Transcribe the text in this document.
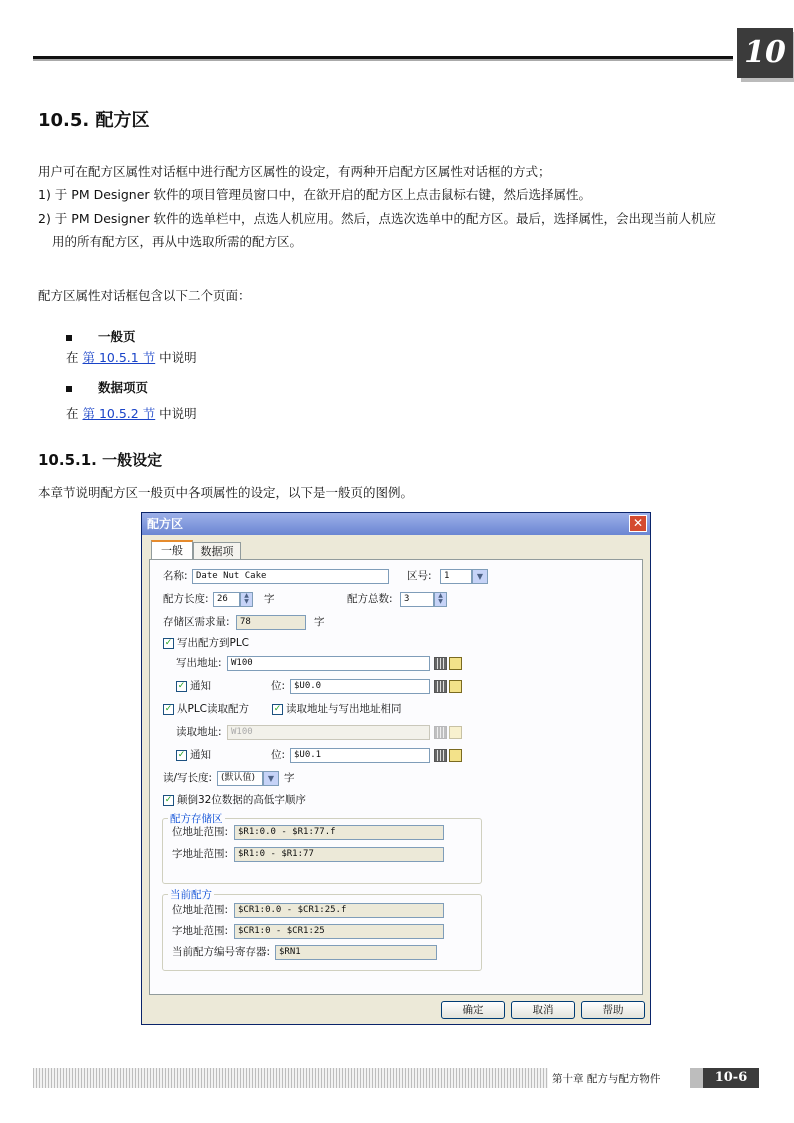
10
10.5. 配方区
用户可在配方区属性对话框中进行配方区属性的设定，有两种开启配方区属性对话框的方式；
1) 于 PM Designer 软件的项目管理员窗口中，在欲开启的配方区上点击鼠标右键，然后选择属性。
2) 于 PM Designer 软件的选单栏中，点选人机应用。然后，点选次选单中的配方区。最后，选择属性，会出现当前人机应
用的所有配方区，再从中选取所需的配方区。
配方区属性对话框包含以下二个页面：
一般页
在 第 10.5.1 节 中说明
数据项页
在 第 10.5.2 节 中说明
10.5.1. 一般设定
本章节说明配方区一般页中各项属性的设定，以下是一般页的图例。
配方区	✕
一般	数据项
名称: Date Nut Cake	区号:	1	▼
配方长度: 26	▲
▼	字	配方总数:	3	▲
▼
存储区需求量:	78	字
✓ 写出配方到PLC
写出地址:	W100
✓ 通知	位: $U0.0
✓ 从PLC读取配方	✓ 读取地址与写出地址相同
读取地址:	W100
✓ 通知	位: $U0.1
读/写长度: (默认值)	▼ 字
✓ 颠倒32位数据的高低字顺序
配方存储区
位地址范围:	$R1:0.0 - $R1:77.f
字地址范围:	$R1:0 - $R1:77
当前配方
位地址范围:	$CR1:0.0 - $CR1:25.f
字地址范围:	$CR1:0 - $CR1:25
当前配方编号寄存器: $RN1
确定	取消	帮助
第十章 配方与配方物件	10-6
